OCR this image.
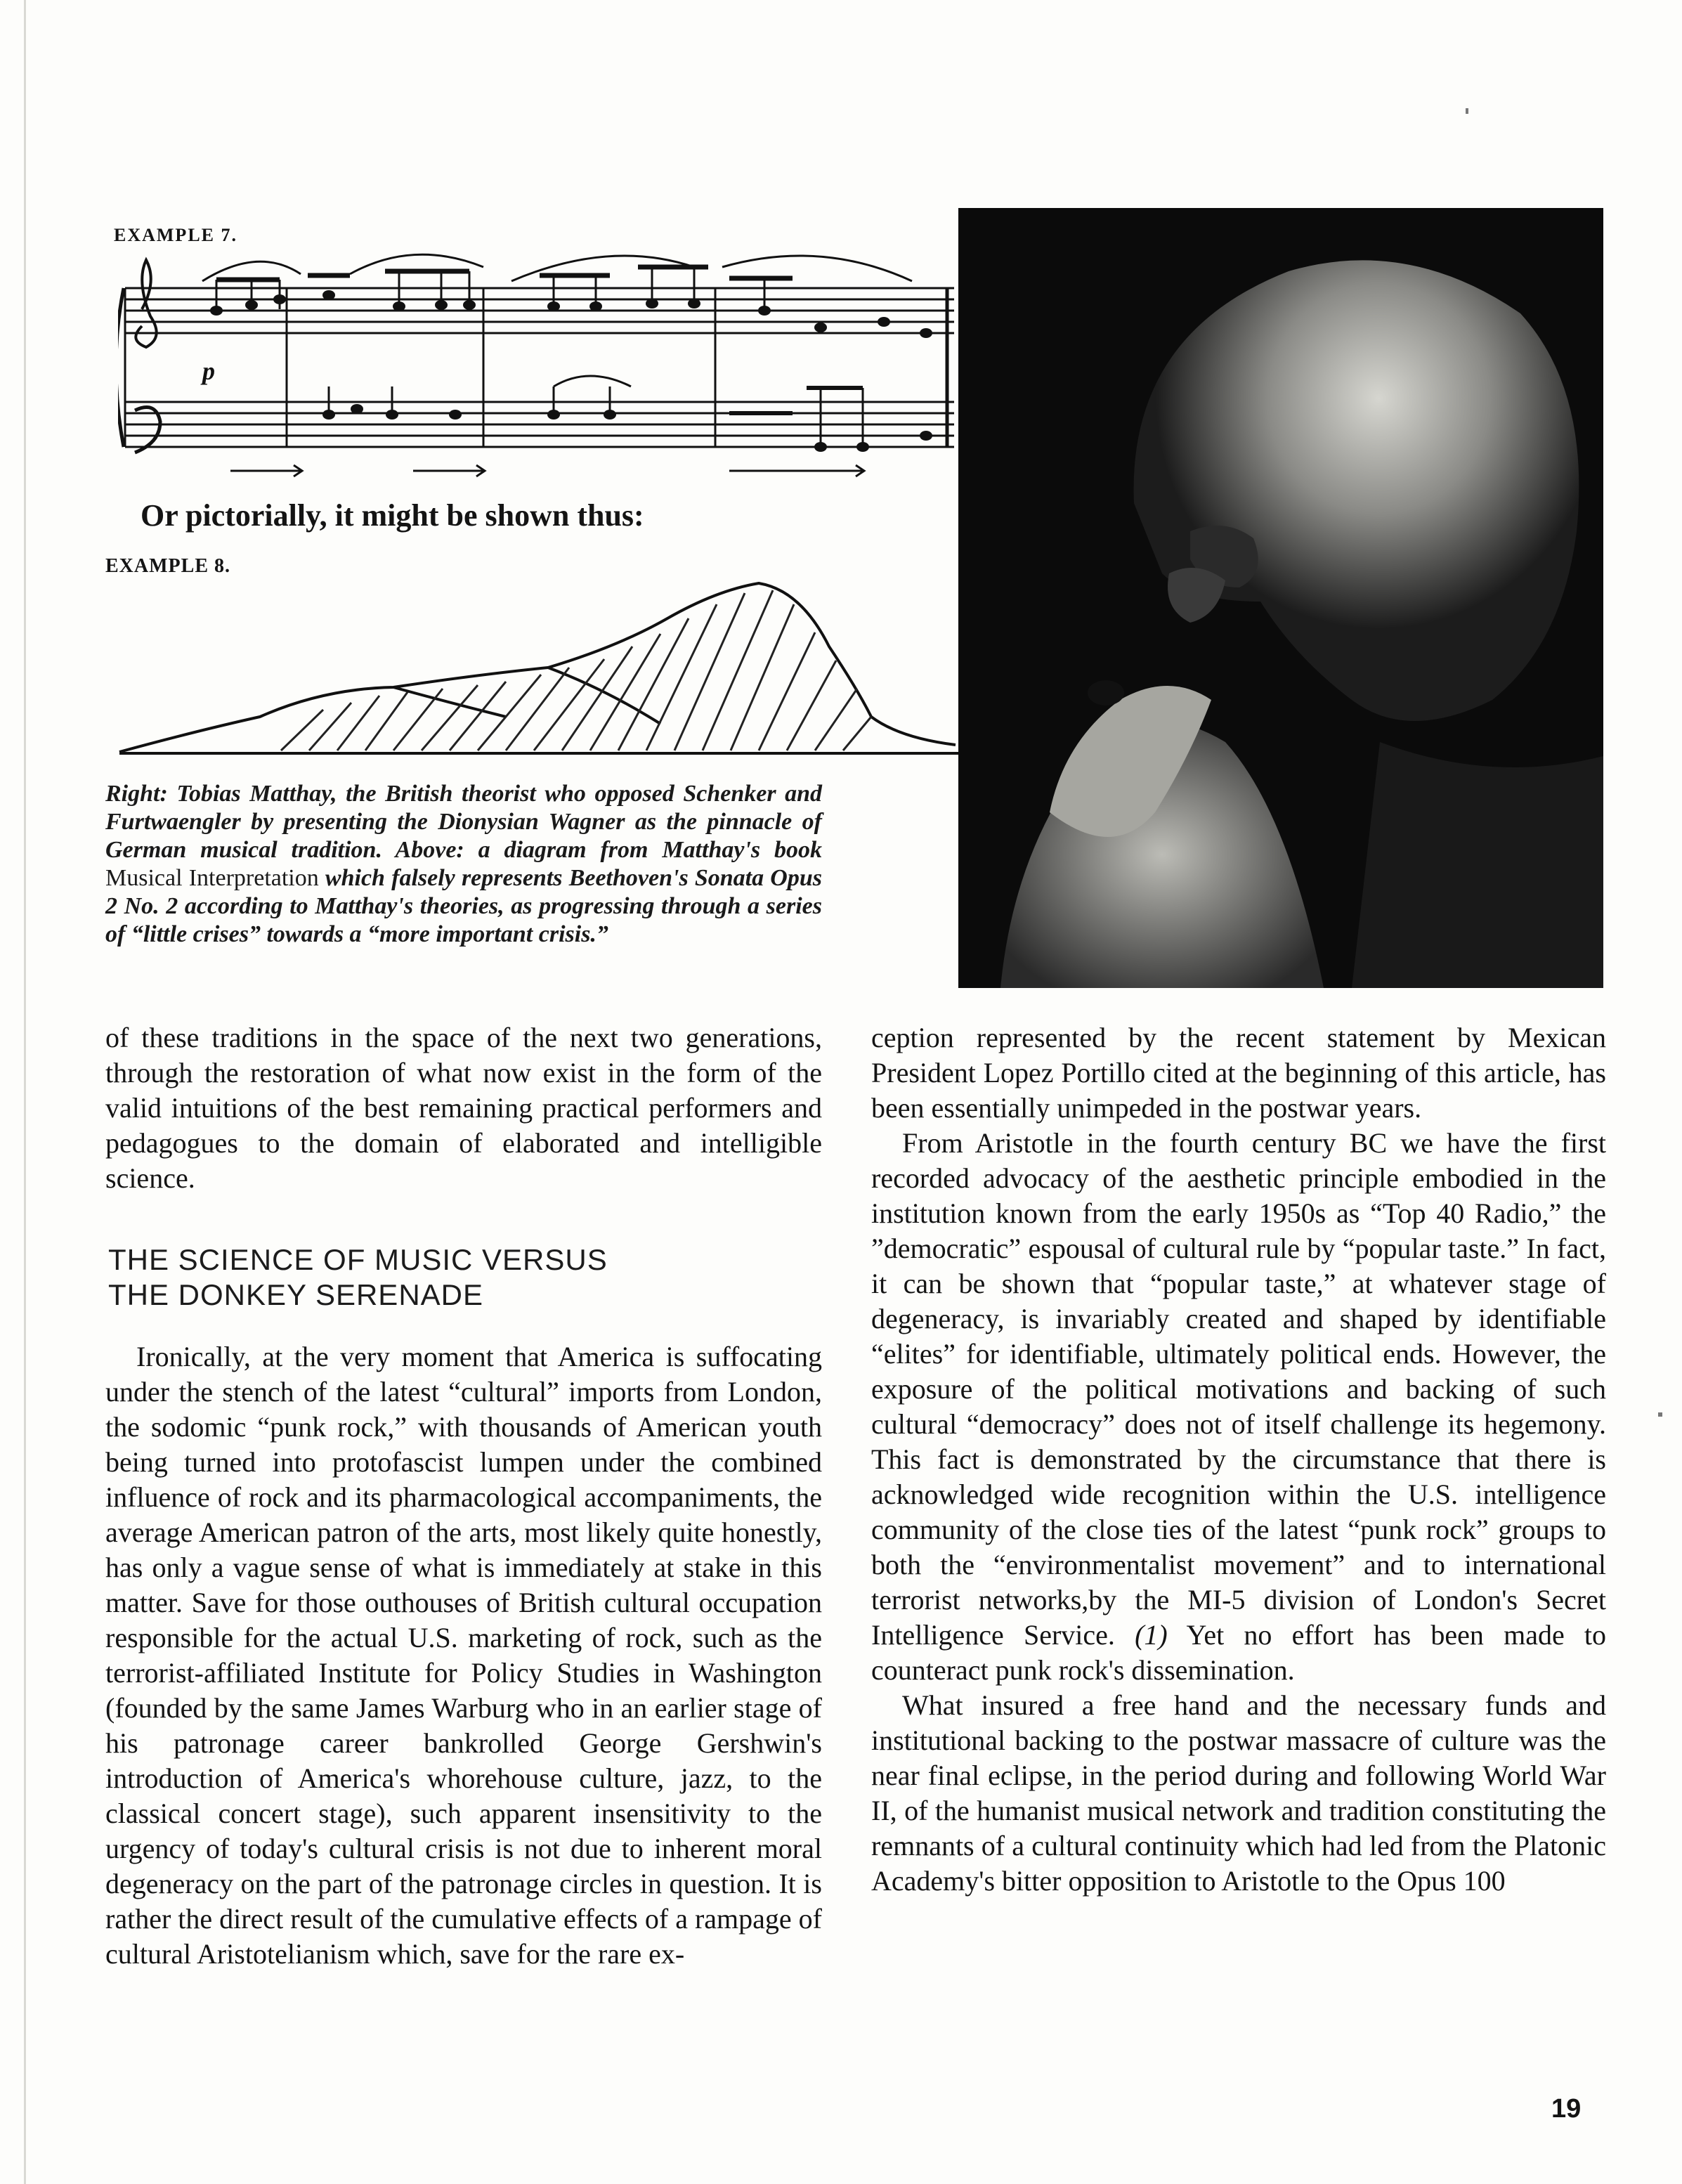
EXAMPLE 7.
p
Or pictorially, it might be shown thus:
EXAMPLE 8.
Right: Tobias Matthay, the British theorist who opposed Schenker and Furtwaengler by presenting the Dionysian Wagner as the pinnacle of German musical tradition. Above: a diagram from Matthay's book Musical Interpretation which falsely represents Beethoven's Sonata Opus 2 No. 2 according to Matthay's theories, as progressing through a series of “little crises” towards a “more important crisis.”

of these traditions in the space of the next two generations, through the restoration of what now exist in the form of the valid intuitions of the best remaining practical performers and pedagogues to the domain of elaborated and intelligible science.

THE SCIENCE OF MUSIC VERSUS
THE DONKEY SERENADE

Ironically, at the very moment that America is suffocating under the stench of the latest “cultural” imports from London, the sodomic “punk rock,” with thousands of American youth being turned into protofascist lumpen under the combined influence of rock and its pharmacological accompaniments, the average American patron of the arts, most likely quite honestly, has only a vague sense of what is immediately at stake in this matter. Save for those outhouses of British cultural occupation responsible for the actual U.S. marketing of rock, such as the terrorist-affiliated Institute for Policy Studies in Washington (founded by the same James Warburg who in an earlier stage of his patronage career bankrolled George Gershwin's introduction of America's whorehouse culture, jazz, to the classical concert stage), such apparent insensitivity to the urgency of today's cultural crisis is not due to inherent moral degeneracy on the part of the patronage circles in question. It is rather the direct result of the cumulative effects of a rampage of cultural Aristotelianism which, save for the rare ex-

ception represented by the recent statement by Mexican President Lopez Portillo cited at the beginning of this article, has been essentially unimpeded in the postwar years.

From Aristotle in the fourth century BC we have the first recorded advocacy of the aesthetic principle embodied in the institution known from the early 1950s as “Top 40 Radio,” the ”democratic” espousal of cultural rule by “popular taste.” In fact, it can be shown that “popular taste,” at whatever stage of degeneracy, is invariably created and shaped by identifiable “elites” for identifiable, ultimately political ends. However, the exposure of the political motivations and backing of such cultural “democracy” does not of itself challenge its hegemony. This fact is demonstrated by the circumstance that there is acknowledged wide recognition within the U.S. intelligence community of the close ties of the latest “punk rock” groups to both the “environmentalist movement” and to international terrorist networks,by the MI-5 division of London's Secret Intelligence Service. (1) Yet no effort has been made to counteract punk rock's dissemination.

What insured a free hand and the necessary funds and institutional backing to the postwar massacre of culture was the near final eclipse, in the period during and following World War II, of the humanist musical network and tradition constituting the remnants of a cultural continuity which had led from the Platonic Academy's bitter opposition to Aristotle to the Opus 100

19
